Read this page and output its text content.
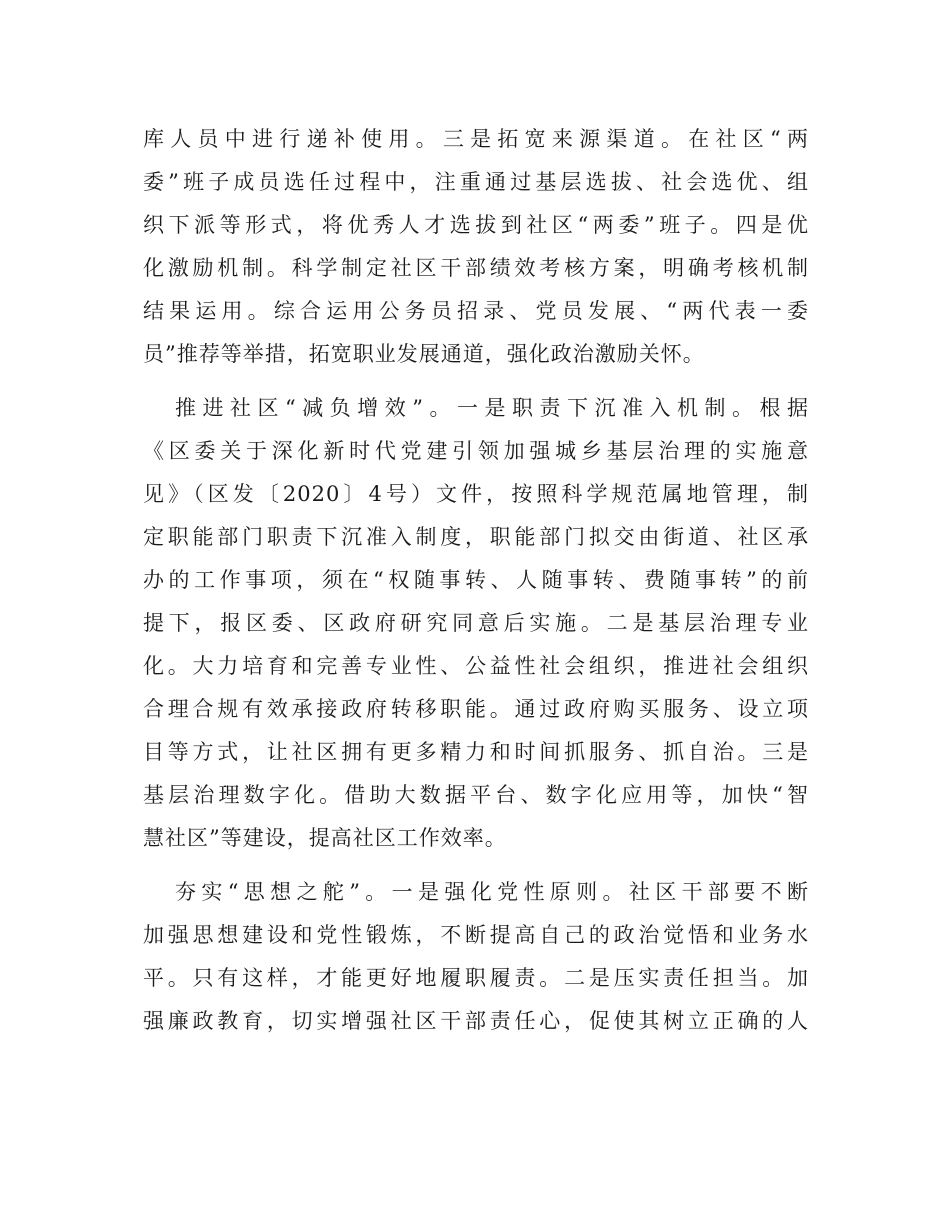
库人员中进行递补使用。三是拓宽来源渠道。在社区“两
委”班子成员选任过程中，注重通过基层选拔、社会选优、组
织下派等形式，将优秀人才选拔到社区“两委”班子。四是优
化激励机制。科学制定社区干部绩效考核方案，明确考核机制
结果运用。综合运用公务员招录、党员发展、“两代表一委
员”推荐等举措，拓宽职业发展通道，强化政治激励关怀。
推进社区“减负增效”。一是职责下沉准入机制。根据
《区委关于深化新时代党建引领加强城乡基层治理的实施意
见》（区发〔2020〕4号）文件，按照科学规范属地管理，制
定职能部门职责下沉准入制度，职能部门拟交由街道、社区承
办的工作事项，须在“权随事转、人随事转、费随事转”的前
提下，报区委、区政府研究同意后实施。二是基层治理专业
化。大力培育和完善专业性、公益性社会组织，推进社会组织
合理合规有效承接政府转移职能。通过政府购买服务、设立项
目等方式，让社区拥有更多精力和时间抓服务、抓自治。三是
基层治理数字化。借助大数据平台、数字化应用等，加快“智
慧社区”等建设，提高社区工作效率。
夯实“思想之舵”。一是强化党性原则。社区干部要不断
加强思想建设和党性锻炼，不断提高自己的政治觉悟和业务水
平。只有这样，才能更好地履职履责。二是压实责任担当。加
强廉政教育，切实增强社区干部责任心，促使其树立正确的人
